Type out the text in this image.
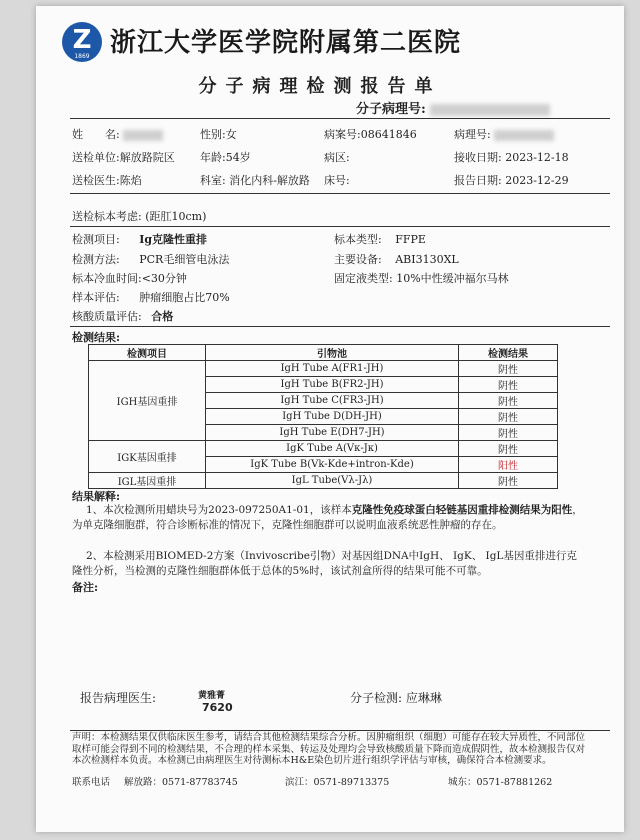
Z
1869 浙江大学医学院附属第二医院
分子病理检测报告单
分子病理号:
姓　　名:	性别:女	病案号:08641846	病理号:
送检单位:解放路院区 年龄:54岁	病区:	接收日期: 2023-12-18
送检医生:陈焰	科室: 消化内科-解放路 床号:	报告日期: 2023-12-29
送检标本考虑: (距肛10cm)
检测项目: Ig克隆性重排	标本类型: FFPE
检测方法: PCR毛细管电泳法	主要设备: ABI3130XL
标本冷血时间:<30分钟	固定液类型: 10%中性缓冲福尔马林
样本评估: 肿瘤细胞占比70%
核酸质量评估: 合格
检测结果:
检测项目	引物池	检测结果
IGH基因重排	IgH Tube A(FR1-JH)	阴性
	IgH Tube B(FR2-JH)	阴性
	IgH Tube C(FR3-JH)	阴性
	IgH Tube D(DH-JH)	阴性
	IgH Tube E(DH7-JH)	阴性
IGK基因重排	IgK Tube A(Vκ-Jκ)	阴性
	IgK Tube B(Vk-Kde+intron-Kde)	阳性
IGL基因重排	IgL Tube(Vλ-Jλ)	阴性
结果解释:
1、本次检测所用蜡块号为2023-097250A1-01，该样本克隆性免疫球蛋白轻链基因重排检测结果为阳性，为单克隆细胞群，符合诊断标准的情况下，克隆性细胞群可以说明血液系统恶性肿瘤的存在。
2、本检测采用BIOMED-2方案（Invivoscribe引物）对基因组DNA中IgH、 IgK、 IgL基因重排进行克隆性分析，当检测的克隆性细胞群体低于总体的5%时，该试剂盒所得的结果可能不可靠。
备注:
报告病理医生:	黄雅菁
7620
分子检测: 应琳琳
声明：本检测结果仅供临床医生参考，请结合其他检测结果综合分析。因肿瘤组织（细胞）可能存在较大异质性，不同部位取样可能会得到不同的检测结果，不合理的样本采集、转运及处理均会导致核酸质量下降而造成假阴性，故本检测报告仅对本次检测样本负责。本检测已由病理医生对待测标本H&E染色切片进行组织学评估与审核，确保符合本检测要求。
联系电话 解放路：0571-87783745	滨江：0571-89713375	城东：0571-87881262
